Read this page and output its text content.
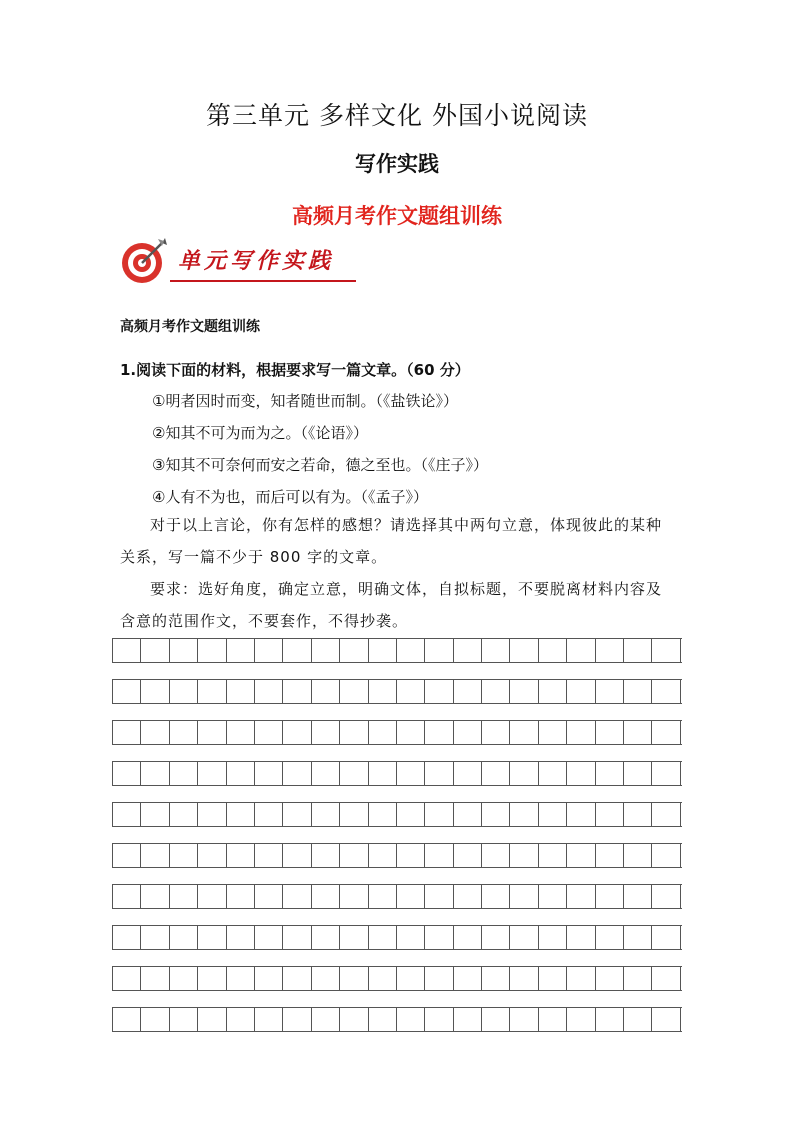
第三单元 多样文化 外国小说阅读
写作实践
高频月考作文题组训练
单元写作实践
高频月考作文题组训练
1.阅读下面的材料，根据要求写一篇文章。（60 分）
①明者因时而变，知者随世而制。（《盐铁论》）
②知其不可为而为之。（《论语》）
③知其不可奈何而安之若命，德之至也。（《庄子》）
④人有不为也，而后可以有为。（《孟子》）
对于以上言论，你有怎样的感想？请选择其中两句立意，体现彼此的某种关系，写一篇不少于 800 字的文章。
要求：选好角度，确定立意，明确文体，自拟标题，不要脱离材料内容及含意的范围作文，不要套作，不得抄袭。
